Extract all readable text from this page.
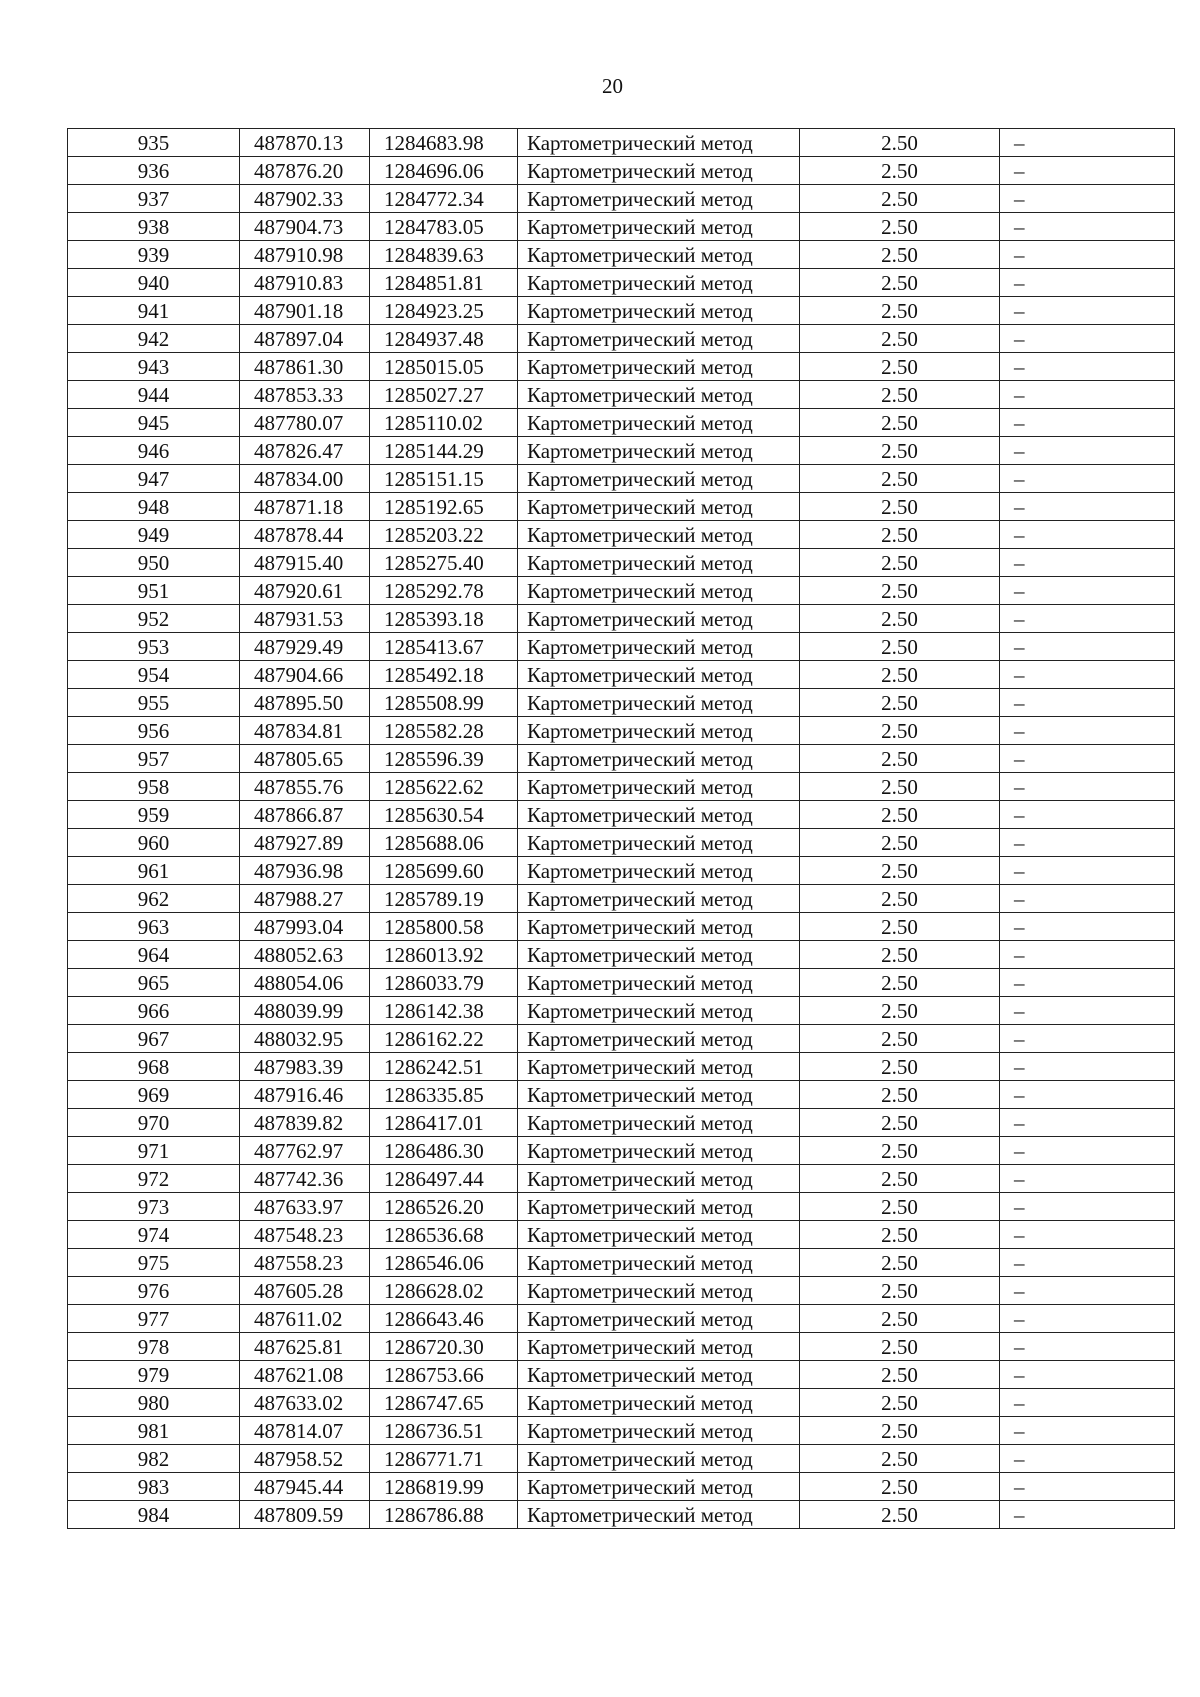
20
935	487870.13	1284683.98	Картометрический метод	2.50	–
936	487876.20	1284696.06	Картометрический метод	2.50	–
937	487902.33	1284772.34	Картометрический метод	2.50	–
938	487904.73	1284783.05	Картометрический метод	2.50	–
939	487910.98	1284839.63	Картометрический метод	2.50	–
940	487910.83	1284851.81	Картометрический метод	2.50	–
941	487901.18	1284923.25	Картометрический метод	2.50	–
942	487897.04	1284937.48	Картометрический метод	2.50	–
943	487861.30	1285015.05	Картометрический метод	2.50	–
944	487853.33	1285027.27	Картометрический метод	2.50	–
945	487780.07	1285110.02	Картометрический метод	2.50	–
946	487826.47	1285144.29	Картометрический метод	2.50	–
947	487834.00	1285151.15	Картометрический метод	2.50	–
948	487871.18	1285192.65	Картометрический метод	2.50	–
949	487878.44	1285203.22	Картометрический метод	2.50	–
950	487915.40	1285275.40	Картометрический метод	2.50	–
951	487920.61	1285292.78	Картометрический метод	2.50	–
952	487931.53	1285393.18	Картометрический метод	2.50	–
953	487929.49	1285413.67	Картометрический метод	2.50	–
954	487904.66	1285492.18	Картометрический метод	2.50	–
955	487895.50	1285508.99	Картометрический метод	2.50	–
956	487834.81	1285582.28	Картометрический метод	2.50	–
957	487805.65	1285596.39	Картометрический метод	2.50	–
958	487855.76	1285622.62	Картометрический метод	2.50	–
959	487866.87	1285630.54	Картометрический метод	2.50	–
960	487927.89	1285688.06	Картометрический метод	2.50	–
961	487936.98	1285699.60	Картометрический метод	2.50	–
962	487988.27	1285789.19	Картометрический метод	2.50	–
963	487993.04	1285800.58	Картометрический метод	2.50	–
964	488052.63	1286013.92	Картометрический метод	2.50	–
965	488054.06	1286033.79	Картометрический метод	2.50	–
966	488039.99	1286142.38	Картометрический метод	2.50	–
967	488032.95	1286162.22	Картометрический метод	2.50	–
968	487983.39	1286242.51	Картометрический метод	2.50	–
969	487916.46	1286335.85	Картометрический метод	2.50	–
970	487839.82	1286417.01	Картометрический метод	2.50	–
971	487762.97	1286486.30	Картометрический метод	2.50	–
972	487742.36	1286497.44	Картометрический метод	2.50	–
973	487633.97	1286526.20	Картометрический метод	2.50	–
974	487548.23	1286536.68	Картометрический метод	2.50	–
975	487558.23	1286546.06	Картометрический метод	2.50	–
976	487605.28	1286628.02	Картометрический метод	2.50	–
977	487611.02	1286643.46	Картометрический метод	2.50	–
978	487625.81	1286720.30	Картометрический метод	2.50	–
979	487621.08	1286753.66	Картометрический метод	2.50	–
980	487633.02	1286747.65	Картометрический метод	2.50	–
981	487814.07	1286736.51	Картометрический метод	2.50	–
982	487958.52	1286771.71	Картометрический метод	2.50	–
983	487945.44	1286819.99	Картометрический метод	2.50	–
984	487809.59	1286786.88	Картометрический метод	2.50	–
